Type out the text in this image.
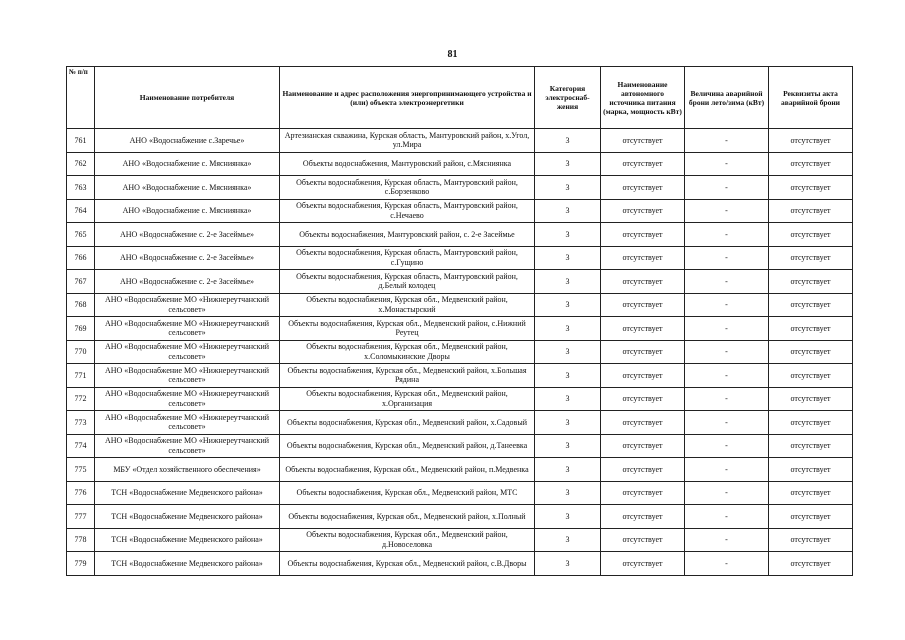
81
№ п/п	Наименование потребителя	Наименование и адрес расположения энергопринимающего устройства и (или) объекта электроэнергетики	Категория электроснаб-жения	Наименование автономного источника питания (марка, мощность кВт)	Величина аварийной брони лето/зима (кВт)	Реквизиты акта аварийной брони
761	АНО «Водоснабжение с.Заречье»	Артезианская скважина, Курская область, Мантуровский район, х.Угол, ул.Мира	3	отсутствует	-	отсутствует
762	АНО «Водоснабжение с. Мясниянка»	Объекты водоснабжения, Мантуровский район, с.Мясниянка	3	отсутствует	-	отсутствует
763	АНО «Водоснабжение с. Мясниянка»	Объекты водоснабжения, Курская область, Мантуровский район, с.Борзенково	3	отсутствует	-	отсутствует
764	АНО «Водоснабжение с. Мясниянка»	Объекты водоснабжения, Курская область, Мантуровский район, с.Нечаево	3	отсутствует	-	отсутствует
765	АНО «Водоснабжение с. 2-е Засеймье»	Объекты водоснабжения, Мантуровский район, с. 2-е Засеймье	3	отсутствует	-	отсутствует
766	АНО «Водоснабжение с. 2-е Засеймье»	Объекты водоснабжения, Курская область, Мантуровский район, с.Гущино	3	отсутствует	-	отсутствует
767	АНО «Водоснабжение с. 2-е Засеймье»	Объекты водоснабжения, Курская область, Мантуровский район, д.Белый колодец	3	отсутствует	-	отсутствует
768	АНО «Водоснабжение МО «Нижнереутчанский сельсовет»	Объекты водоснабжения, Курская обл., Медвенский район, х.Монастырский	3	отсутствует	-	отсутствует
769	АНО «Водоснабжение МО «Нижнереутчанский сельсовет»	Объекты водоснабжения, Курская обл., Медвенский район, с.Нижний Реутец	3	отсутствует	-	отсутствует
770	АНО «Водоснабжение МО «Нижнереутчанский сельсовет»	Объекты водоснабжения, Курская обл., Медвенский район, х.Соломыкинские Дворы	3	отсутствует	-	отсутствует
771	АНО «Водоснабжение МО «Нижнереутчанский сельсовет»	Объекты водоснабжения, Курская обл., Медвенский район, х.Большая Рядина	3	отсутствует	-	отсутствует
772	АНО «Водоснабжение МО «Нижнереутчанский сельсовет»	Объекты водоснабжения, Курская обл., Медвенский район, х.Организация	3	отсутствует	-	отсутствует
773	АНО «Водоснабжение МО «Нижнереутчанский сельсовет»	Объекты водоснабжения, Курская обл., Медвенский район, х.Садовый	3	отсутствует	-	отсутствует
774	АНО «Водоснабжение МО «Нижнереутчанский сельсовет»	Объекты водоснабжения, Курская обл., Медвенский район, д.Танеевка	3	отсутствует	-	отсутствует
775	МБУ «Отдел хозяйственного обеспечения»	Объекты водоснабжения, Курская обл., Медвенский район, п.Медвенка	3	отсутствует	-	отсутствует
776	ТСН «Водоснабжение Медвенского района»	Объекты водоснабжения, Курская обл., Медвенский район, МТС	3	отсутствует	-	отсутствует
777	ТСН «Водоснабжение Медвенского района»	Объекты водоснабжения, Курская обл., Медвенский район, х.Полный	3	отсутствует	-	отсутствует
778	ТСН «Водоснабжение Медвенского района»	Объекты водоснабжения, Курская обл., Медвенский район, д.Новоселовка	3	отсутствует	-	отсутствует
779	ТСН «Водоснабжение Медвенского района»	Объекты водоснабжения, Курская обл., Медвенский район, с.В.Дворы	3	отсутствует	-	отсутствует
